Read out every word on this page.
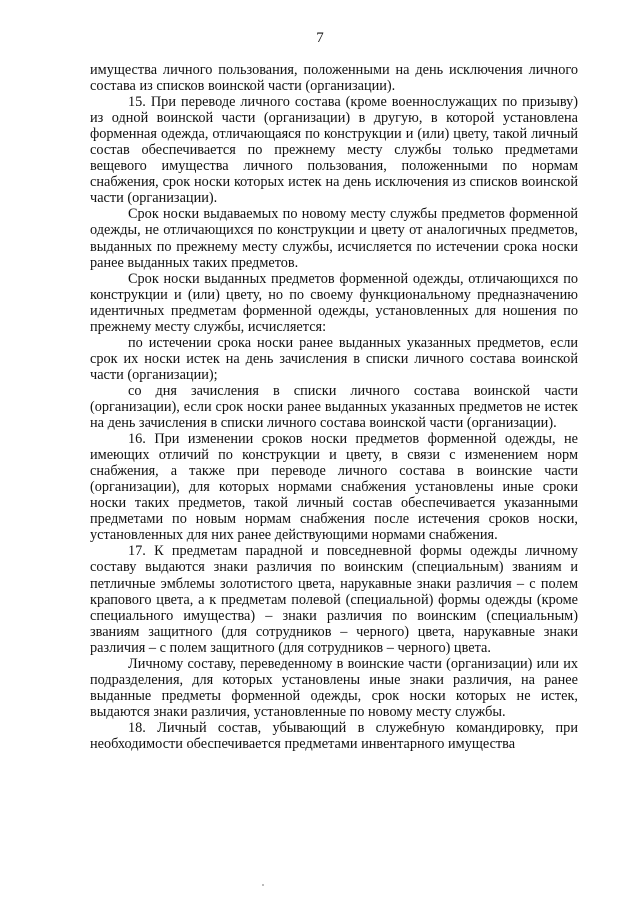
7

имущества личного пользования, положенными на день исключения личного состава из списков воинской части (организации).

15. При переводе личного состава (кроме военнослужащих по призыву) из одной воинской части (организации) в другую, в которой установлена форменная одежда, отличающаяся по конструкции и (или) цвету, такой личный состав обеспечивается по прежнему месту службы только предметами вещевого имущества личного пользования, положенными по нормам снабжения, срок носки которых истек на день исключения из списков воинской части (организации).

Срок носки выдаваемых по новому месту службы предметов форменной одежды, не отличающихся по конструкции и цвету от аналогичных предметов, выданных по прежнему месту службы, исчисляется по истечении срока носки ранее выданных таких предметов.

Срок носки выданных предметов форменной одежды, отличающихся по конструкции и (или) цвету, но по своему функциональному предназначению идентичных предметам форменной одежды, установленных для ношения по прежнему месту службы, исчисляется:

по истечении срока носки ранее выданных указанных предметов, если срок их носки истек на день зачисления в списки личного состава воинской части (организации);

со дня зачисления в списки личного состава воинской части (организации), если срок носки ранее выданных указанных предметов не истек на день зачисления в списки личного состава воинской части (организации).

16. При изменении сроков носки предметов форменной одежды, не имеющих отличий по конструкции и цвету, в связи с изменением норм снабжения, а также при переводе личного состава в воинские части (организации), для которых нормами снабжения установлены иные сроки носки таких предметов, такой личный состав обеспечивается указанными предметами по новым нормам снабжения после истечения сроков носки, установленных для них ранее действующими нормами снабжения.

17. К предметам парадной и повседневной формы одежды личному составу выдаются знаки различия по воинским (специальным) званиям и петличные эмблемы золотистого цвета, нарукавные знаки различия – с полем крапового цвета, а к предметам полевой (специальной) формы одежды (кроме специального имущества) – знаки различия по воинским (специальным) званиям защитного (для сотрудников – черного) цвета, нарукавные знаки различия – с полем защитного (для сотрудников – черного) цвета.

Личному составу, переведенному в воинские части (организации) или их подразделения, для которых установлены иные знаки различия, на ранее выданные предметы форменной одежды, срок носки которых не истек, выдаются знаки различия, установленные по новому месту службы.

18. Личный состав, убывающий в служебную командировку, при необходимости обеспечивается предметами инвентарного имущества
